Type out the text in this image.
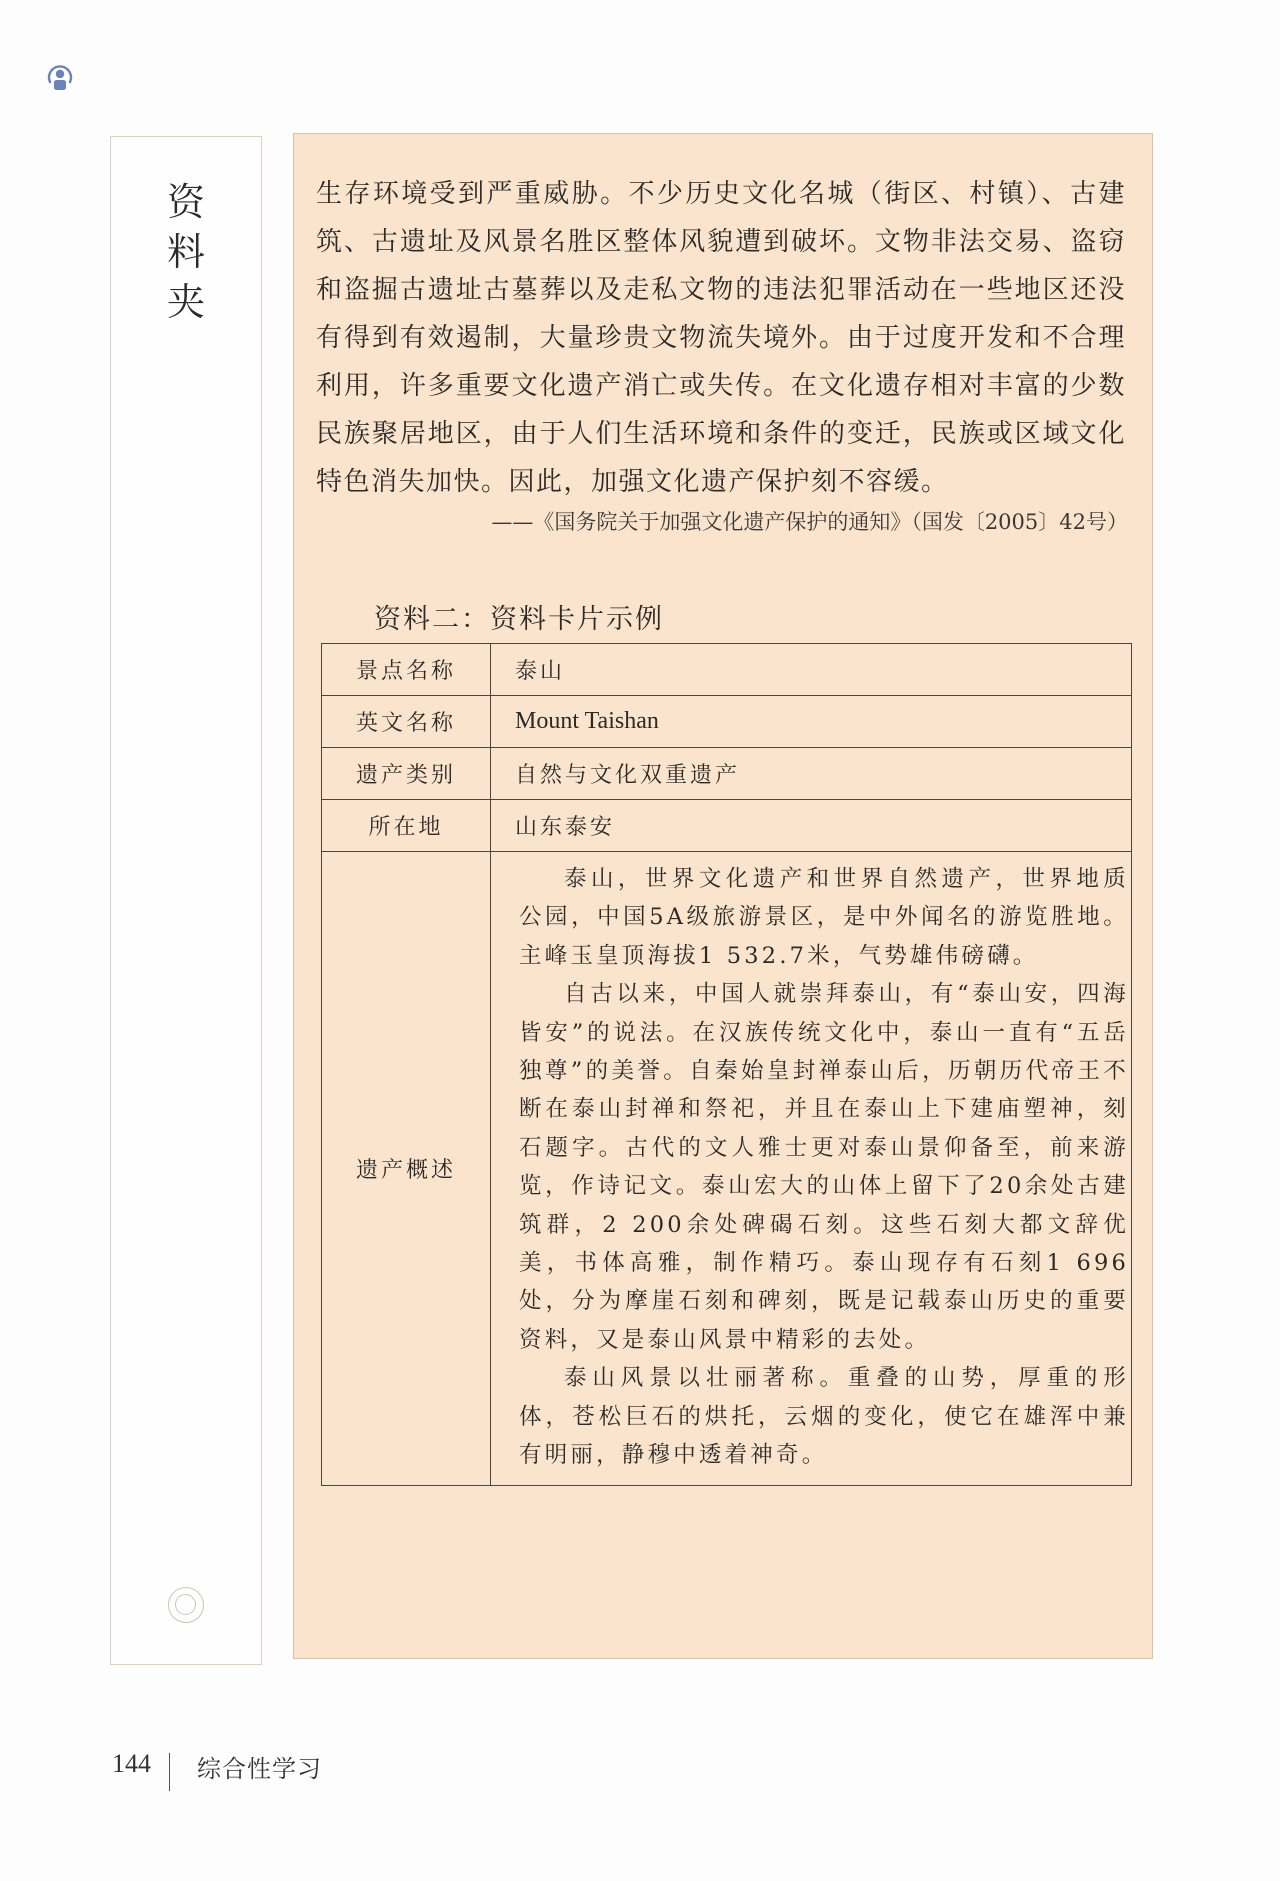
资
料
夹
生存环境受到严重威胁。不少历史文化名城（街区、村镇）、古建筑、古遗址及风景名胜区整体风貌遭到破坏。文物非法交易、盗窃和盗掘古遗址古墓葬以及走私文物的违法犯罪活动在一些地区还没有得到有效遏制，大量珍贵文物流失境外。由于过度开发和不合理利用，许多重要文化遗产消亡或失传。在文化遗存相对丰富的少数民族聚居地区，由于人们生活环境和条件的变迁，民族或区域文化特色消失加快。因此，加强文化遗产保护刻不容缓。
——《国务院关于加强文化遗产保护的通知》（国发〔2005〕42号）
资料二：资料卡片示例
景点名称	泰山
英文名称	Mount Taishan
遗产类别	自然与文化双重遗产
所在地	山东泰安
遗产概述	泰山，世界文化遗产和世界自然遗产，世界地质公园，中国5A级旅游景区，是中外闻名的游览胜地。主峰玉皇顶海拔1 532.7米，气势雄伟磅礴。

自古以来，中国人就崇拜泰山，有“泰山安，四海皆安”的说法。在汉族传统文化中，泰山一直有“五岳独尊”的美誉。自秦始皇封禅泰山后，历朝历代帝王不断在泰山封禅和祭祀，并且在泰山上下建庙塑神，刻石题字。古代的文人雅士更对泰山景仰备至，前来游览，作诗记文。泰山宏大的山体上留下了20余处古建筑群，2 200余处碑碣石刻。这些石刻大都文辞优美，书体高雅，制作精巧。泰山现存有石刻1 696处，分为摩崖石刻和碑刻，既是记载泰山历史的重要资料，又是泰山风景中精彩的去处。

泰山风景以壮丽著称。重叠的山势，厚重的形体，苍松巨石的烘托，云烟的变化，使它在雄浑中兼有明丽，静穆中透着神奇。

144 综合性学习
